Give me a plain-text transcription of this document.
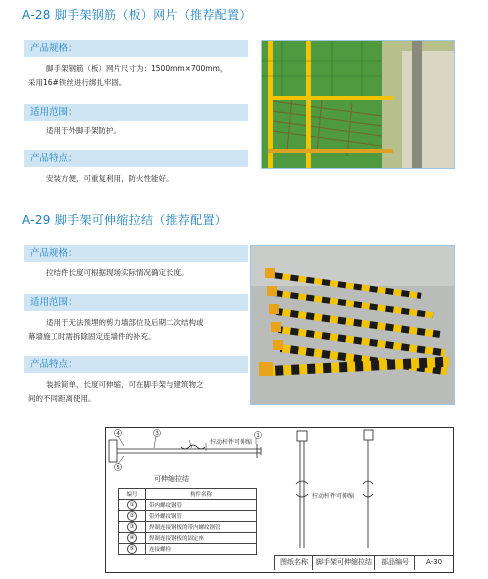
A-28 脚手架钢筋（板）网片（推荐配置）
产品规格：
脚手架钢筋（板）网片尺寸为：1500mm×700mm，
采用16#铁丝进行绑扎牢固。
适用范围：
适用于外脚手架防护。
产品特点：
安装方便，可重复利用，防火性能好。
A-29 脚手架可伸缩拉结（推荐配置）
产品规格：
拉结件长度可根据现场实际情况确定长度。
适用范围：
适用于无法预埋的剪力墙部位及后期二次结构或
幕墙施工时需拆除固定连墙件的补充。
产品特点：
装拆简单，长度可伸缩，可在脚手架与建筑物之
间的不同距离使用。
4
5
3	1
拧动杆件可伸缩
拧动杆件可伸缩
可伸缩拉结
编号	构件名称
①	带内螺纹钢管
②	带外螺纹钢管
③	焊制连接钢板的带内螺纹钢管
④	焊制连接钢板的固定座
⑤	连接螺栓
图纸名称	脚手架可伸缩拉结	部品编号	A-30
